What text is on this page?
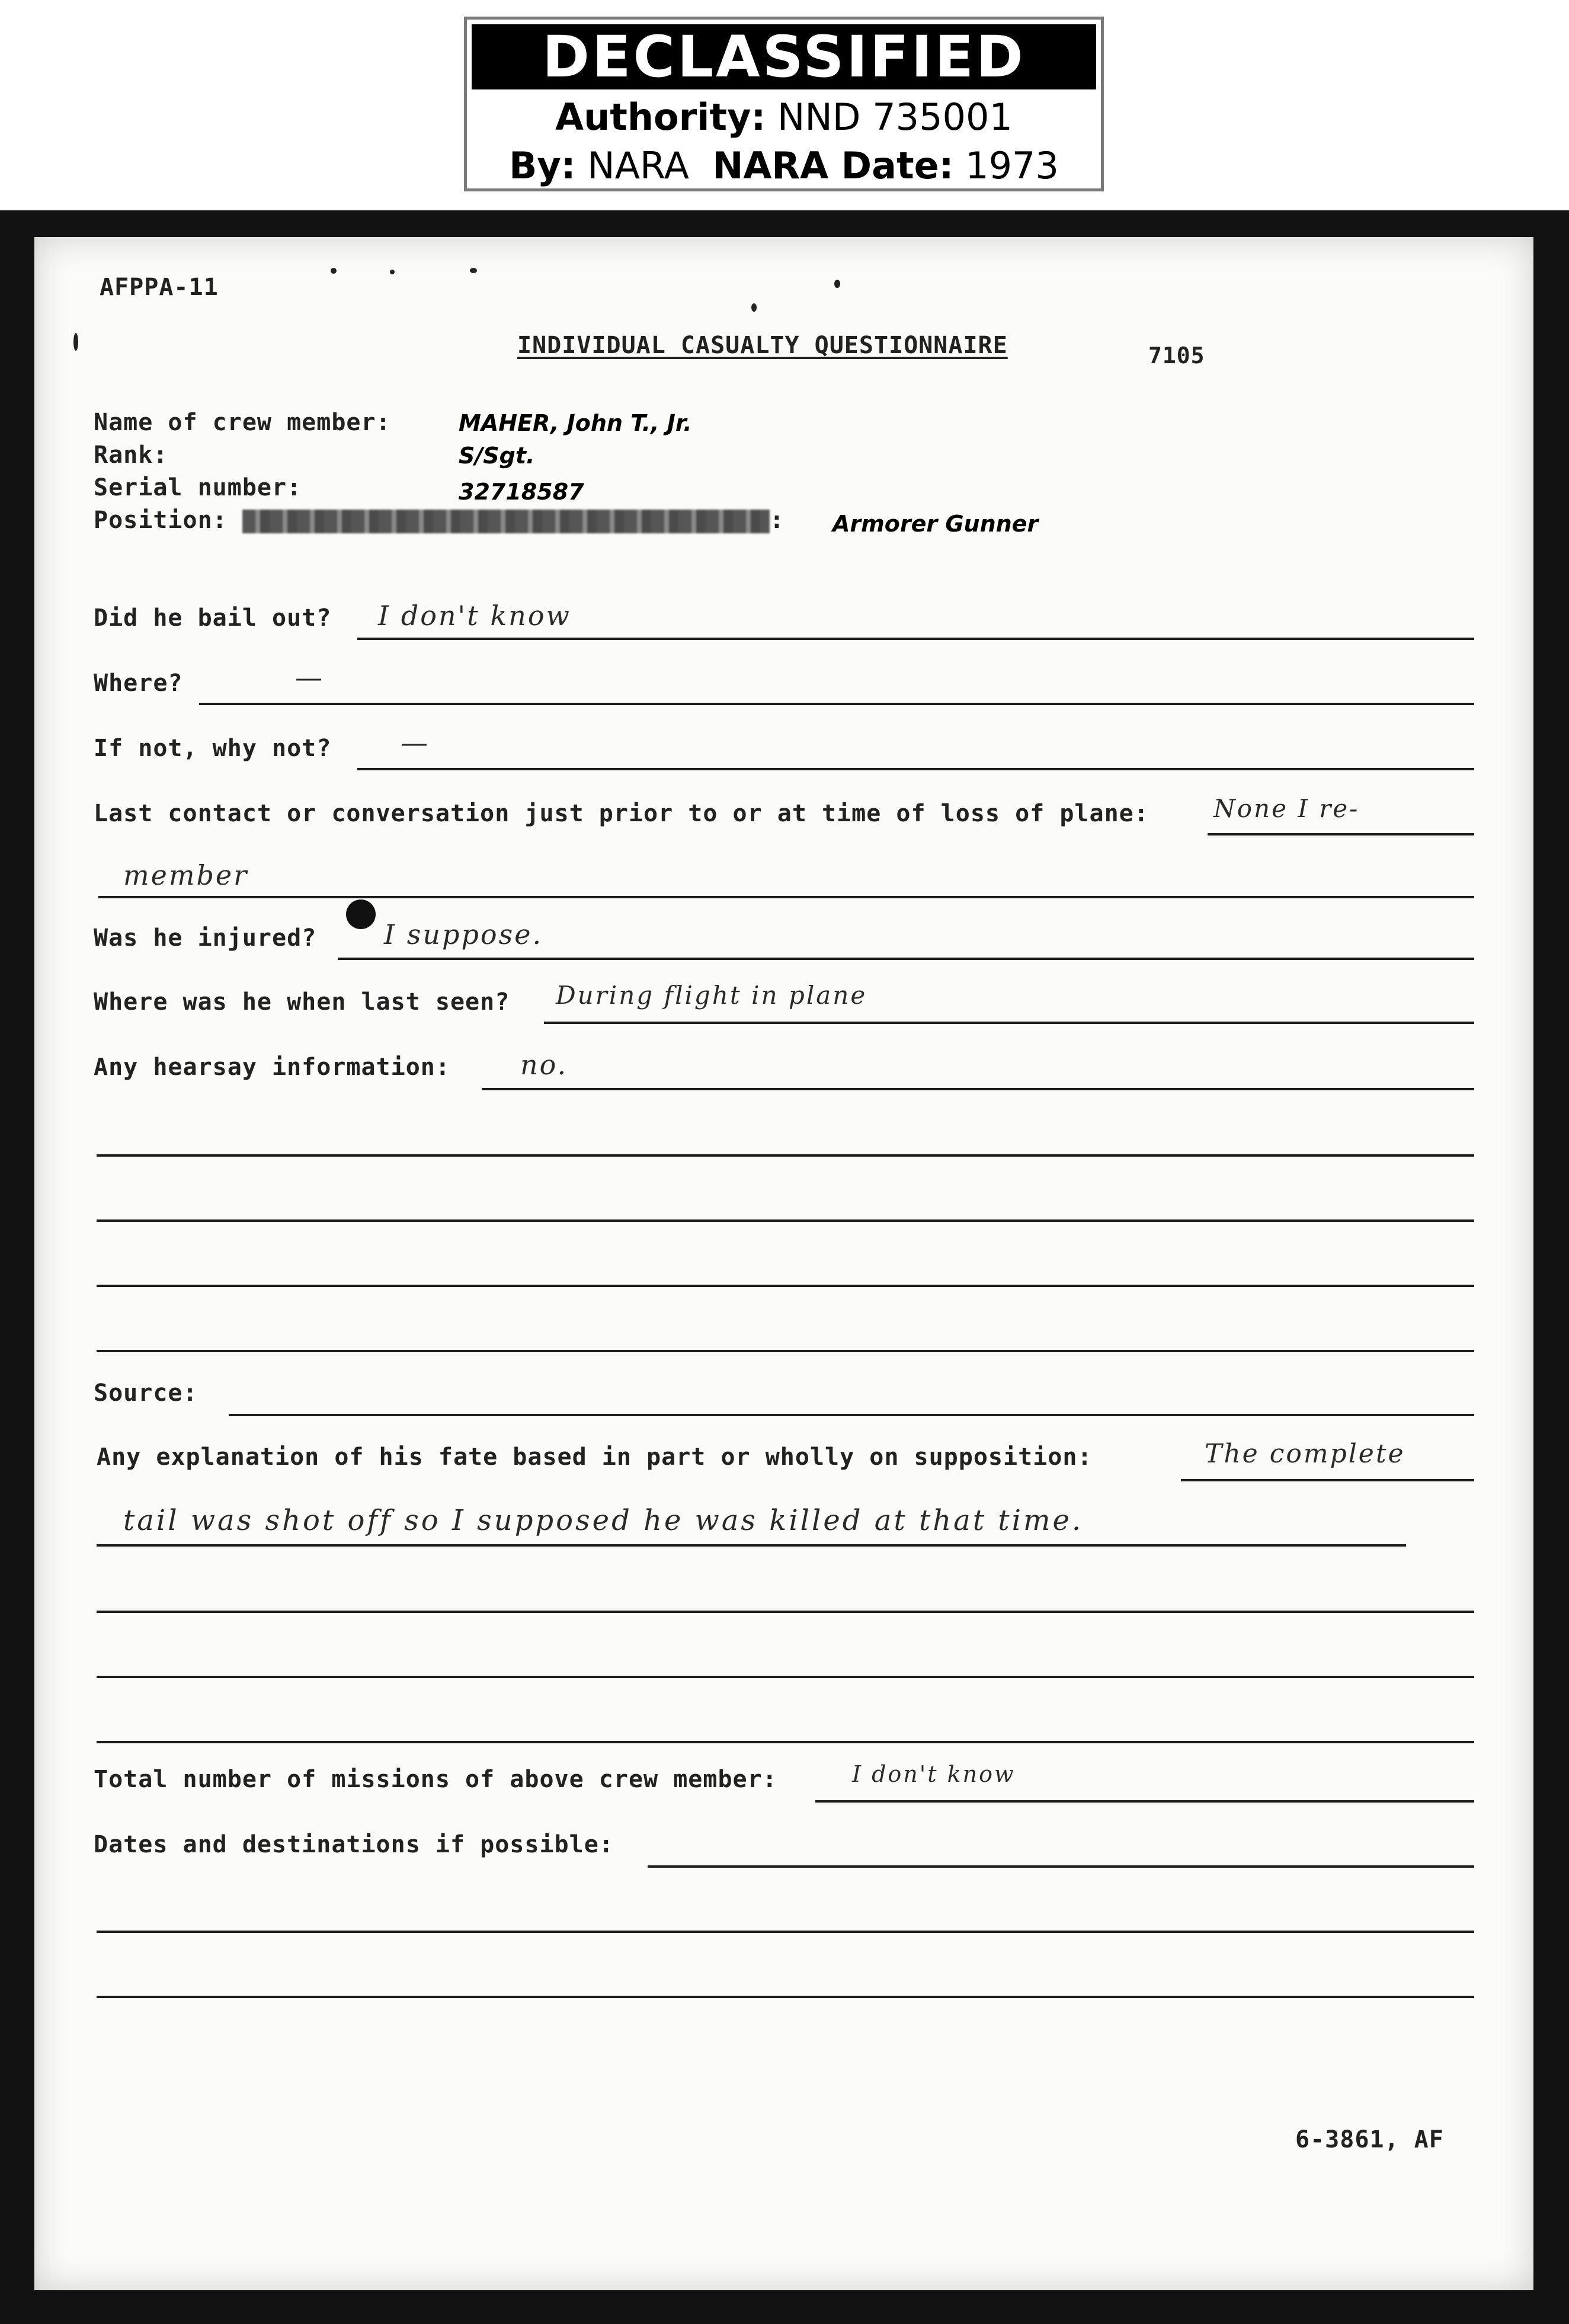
DECLASSIFIED
Authority: NND 735001
By: NARA NARA Date: 1973
AFPPA-11
INDIVIDUAL CASUALTY QUESTIONNAIRE	7105
Name of crew member:	MAHER, John T., Jr.
Rank:	S/Sgt.
Serial number:	32718587
Position:	: Armorer Gunner
Did he bail out? I don't know
Where?	—
If not, why not?	—
Last contact or conversation just prior to or at time of loss of plane:	None I re-
member
Was he injured? I suppose.
Where was he when last seen? During flight in plane
Any hearsay information:	no.
Source:
Any explanation of his fate based in part or wholly on supposition:	The complete
tail was shot off so I supposed he was killed at that time.
Total number of missions of above crew member:	I don't know
Dates and destinations if possible:
6-3861, AF
